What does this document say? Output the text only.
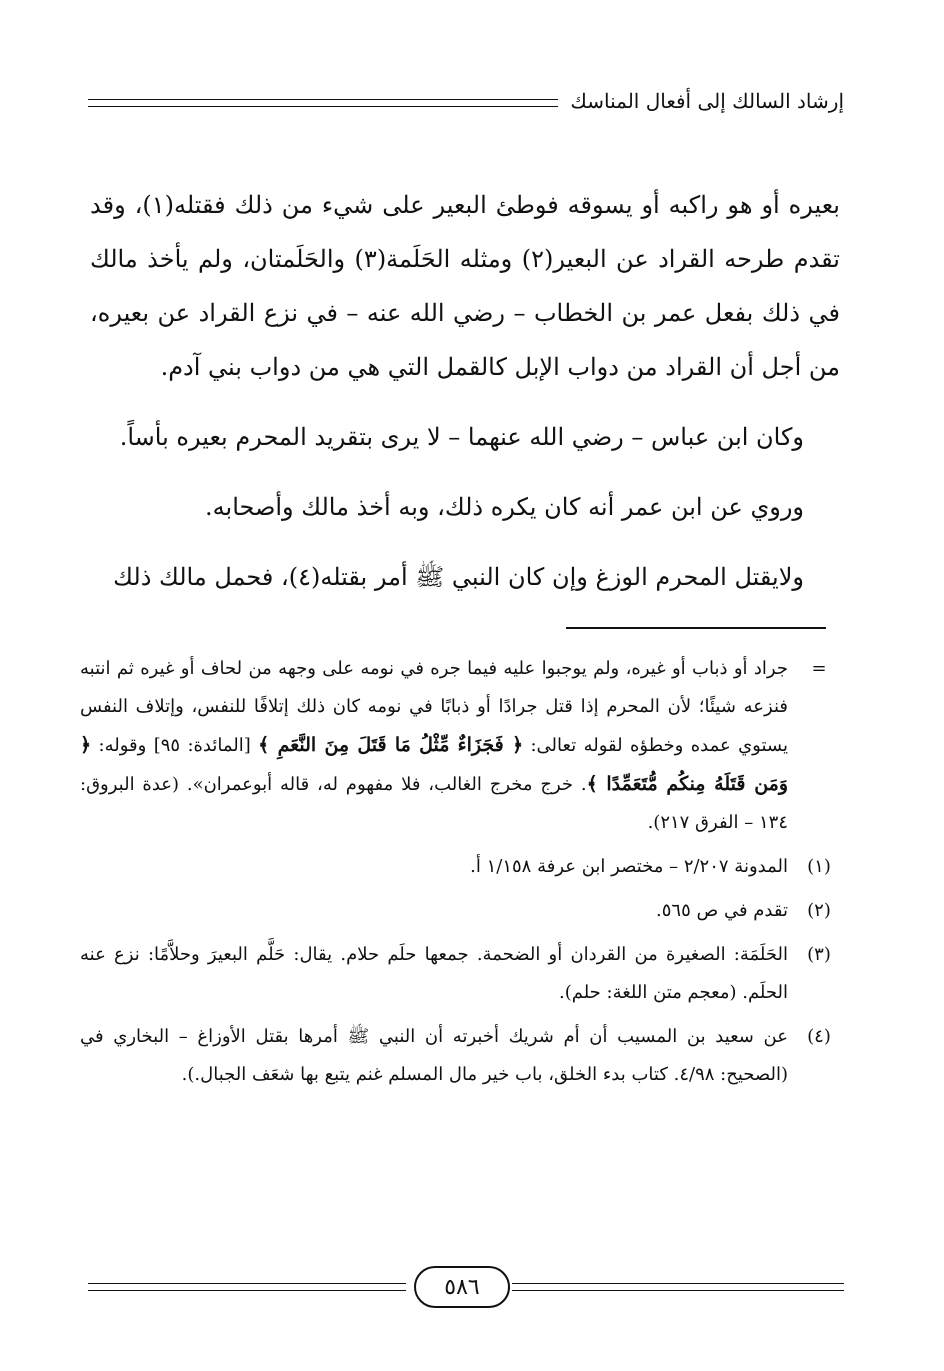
إرشاد السالك إلى أفعال المناسك

بعيره أو هو راكبه أو يسوقه فوطئ البعير على شيء من ذلك فقتله(١)، وقد تقدم طرحه القراد عن البعير(٢) ومثله الحَلَمة(٣) والحَلَمتان، ولم يأخذ مالك في ذلك بفعل عمر بن الخطاب – رضي الله عنه – في نزع القراد عن بعيره، من أجل أن القراد من دواب الإبل كالقمل التي هي من دواب بني آدم.

وكان ابن عباس – رضي الله عنهما – لا يرى بتقريد المحرم بعيره بأساً.

وروي عن ابن عمر أنه كان يكره ذلك، وبه أخذ مالك وأصحابه.

ولايقتل المحرم الوزغ وإن كان النبي ﷺ أمر بقتله(٤)، فحمل مالك ذلك

=
جراد أو ذباب أو غيره، ولم يوجبوا عليه فيما جره في نومه على وجهه من لحاف أو غيره ثم انتبه فنزعه شيئًا؛ لأن المحرم إذا قتل جرادًا أو ذبابًا في نومه كان ذلك إتلافًا للنفس، وإتلاف النفس يستوي عمده وخطؤه لقوله تعالى: ﴿ فَجَزَاءٌ مِّثْلُ مَا قَتَلَ مِنَ النَّعَمِ ﴾ [المائدة: ٩٥] وقوله: ﴿ وَمَن قَتَلَهُ مِنكُم مُّتَعَمِّدًا ﴾. خرج مخرج الغالب، فلا مفهوم له، قاله أبوعمران». (عدة البروق: ١٣٤ – الفرق ٢١٧).
(١)
المدونة ٢/٢٠٧ – مختصر ابن عرفة ١/١٥٨ أ.
(٢)
تقدم في ص ٥٦٥.
(٣)
الحَلَمَة: الصغيرة من القردان أو الضحمة. جمعها حلَم حلام. يقال: حَلَّم البعيرَ وحلاَّمًا: نزع عنه الحلَم. (معجم متن اللغة: حلم).
(٤)
عن سعيد بن المسيب أن أم شريك أخبرته أن النبي ﷺ أمرها بقتل الأوزاغ – البخاري في (الصحيح: ٤/٩٨. كتاب بدء الخلق، باب خير مال المسلم غنم يتبع بها شعَف الجبال.).
٥٨٦
